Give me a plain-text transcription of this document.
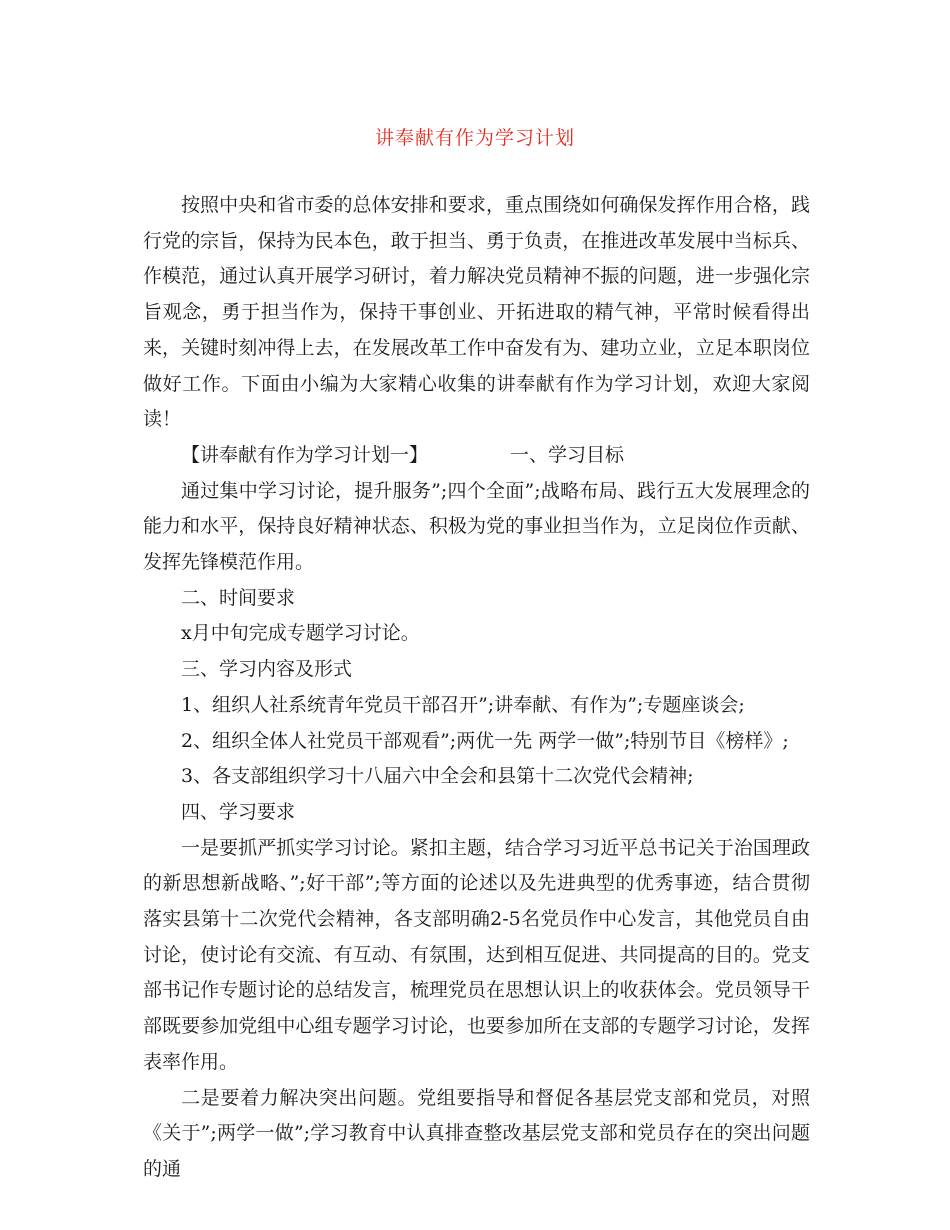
讲奉献有作为学习计划

按照中央和省市委的总体安排和要求，重点围绕如何确保发挥作用合格，践行党的宗旨，保持为民本色，敢于担当、勇于负责，在推进改革发展中当标兵、作模范，通过认真开展学习研讨，着力解决党员精神不振的问题，进一步强化宗旨观念，勇于担当作为，保持干事创业、开拓进取的精气神，平常时候看得出来，关键时刻冲得上去，在发展改革工作中奋发有为、建功立业，立足本职岗位做好工作。下面由小编为大家精心收集的讲奉献有作为学习计划，欢迎大家阅读！

【讲奉献有作为学习计划一】	一、学习目标

通过集中学习讨论，提升服务”;四个全面”;战略布局、践行五大发展理念的能力和水平，保持良好精神状态、积极为党的事业担当作为，立足岗位作贡献、发挥先锋模范作用。

二、时间要求

x月中旬完成专题学习讨论。

三、学习内容及形式

1、组织人社系统青年党员干部召开”;讲奉献、有作为”;专题座谈会;

2、组织全体人社党员干部观看”;两优一先 两学一做”;特别节目《榜样》;

3、各支部组织学习十八届六中全会和县第十二次党代会精神;

四、学习要求

一是要抓严抓实学习讨论。紧扣主题，结合学习习近平总书记关于治国理政的新思想新战略、”;好干部”;等方面的论述以及先进典型的优秀事迹，结合贯彻落实县第十二次党代会精神，各支部明确2-5名党员作中心发言，其他党员自由讨论，使讨论有交流、有互动、有氛围，达到相互促进、共同提高的目的。党支部书记作专题讨论的总结发言，梳理党员在思想认识上的收获体会。党员领导干部既要参加党组中心组专题学习讨论，也要参加所在支部的专题学习讨论，发挥表率作用。

二是要着力解决突出问题。党组要指导和督促各基层党支部和党员，对照《关于”;两学一做”;学习教育中认真排查整改基层党支部和党员存在的突出问题的通
